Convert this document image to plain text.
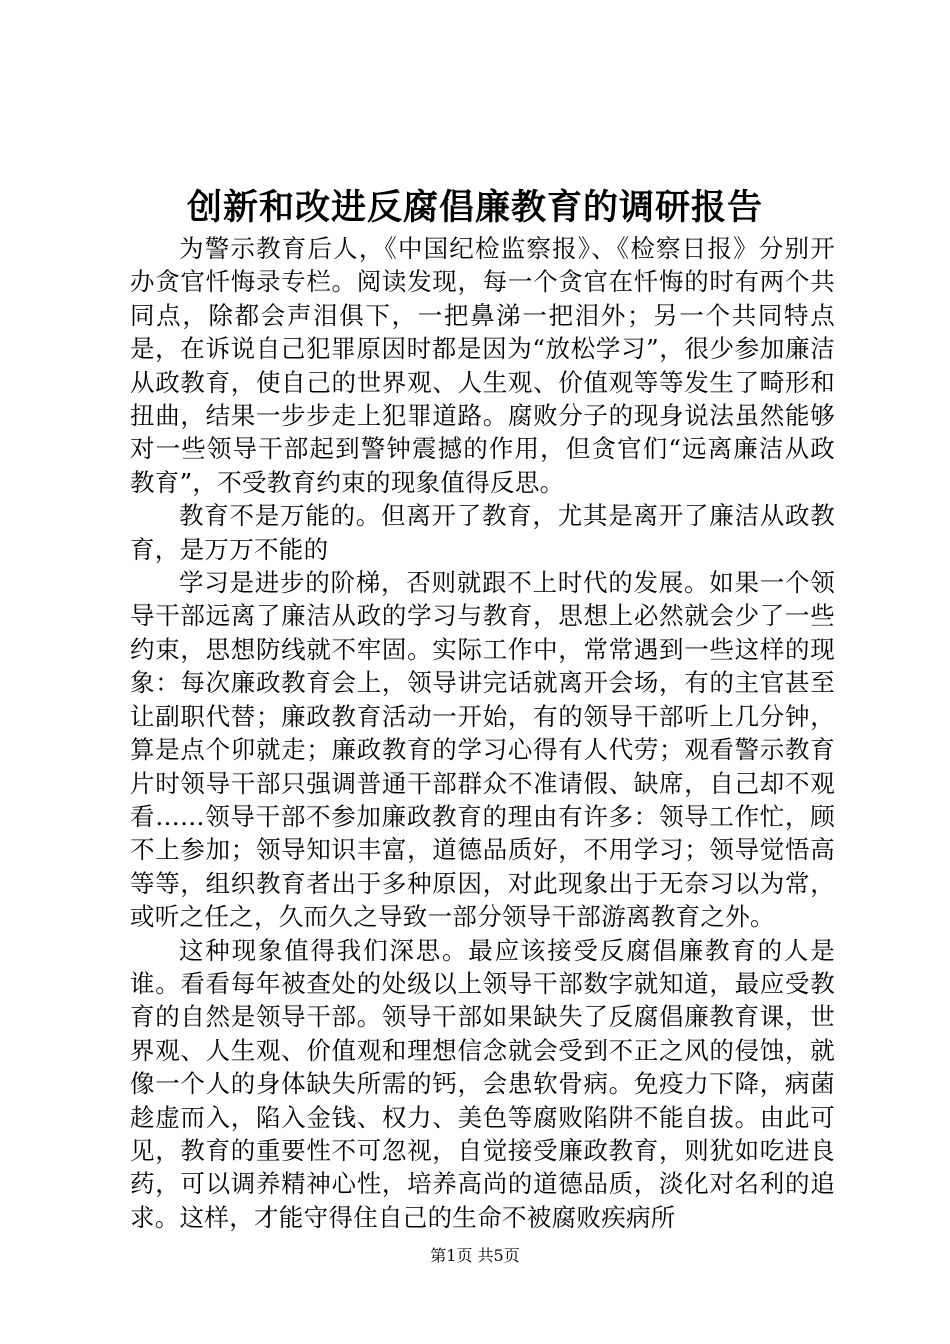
创新和改进反腐倡廉教育的调研报告

为警示教育后人，《中国纪检监察报》、《检察日报》分别开办贪官忏悔录专栏。阅读发现，每一个贪官在忏悔的时有两个共同点，除都会声泪俱下，一把鼻涕一把泪外；另一个共同特点是，在诉说自己犯罪原因时都是因为“放松学习”，很少参加廉洁从政教育，使自己的世界观、人生观、价值观等等发生了畸形和扭曲，结果一步步走上犯罪道路。腐败分子的现身说法虽然能够对一些领导干部起到警钟震撼的作用，但贪官们“远离廉洁从政教育”，不受教育约束的现象值得反思。

教育不是万能的。但离开了教育，尤其是离开了廉洁从政教育，是万万不能的

学习是进步的阶梯，否则就跟不上时代的发展。如果一个领导干部远离了廉洁从政的学习与教育，思想上必然就会少了一些约束，思想防线就不牢固。实际工作中，常常遇到一些这样的现象：每次廉政教育会上，领导讲完话就离开会场，有的主官甚至让副职代替；廉政教育活动一开始，有的领导干部听上几分钟，算是点个卯就走；廉政教育的学习心得有人代劳；观看警示教育片时领导干部只强调普通干部群众不准请假、缺席，自己却不观看……领导干部不参加廉政教育的理由有许多：领导工作忙，顾不上参加；领导知识丰富，道德品质好，不用学习；领导觉悟高等等，组织教育者出于多种原因，对此现象出于无奈习以为常，或听之任之，久而久之导致一部分领导干部游离教育之外。

这种现象值得我们深思。最应该接受反腐倡廉教育的人是谁。看看每年被查处的处级以上领导干部数字就知道，最应受教育的自然是领导干部。领导干部如果缺失了反腐倡廉教育课，世界观、人生观、价值观和理想信念就会受到不正之风的侵蚀，就像一个人的身体缺失所需的钙，会患软骨病。免疫力下降，病菌趁虚而入，陷入金钱、权力、美色等腐败陷阱不能自拔。由此可见，教育的重要性不可忽视，自觉接受廉政教育，则犹如吃进良药，可以调养精神心性，培养高尚的道德品质，淡化对名利的追求。这样，才能守得住自己的生命不被腐败疾病所

第1页 共5页
